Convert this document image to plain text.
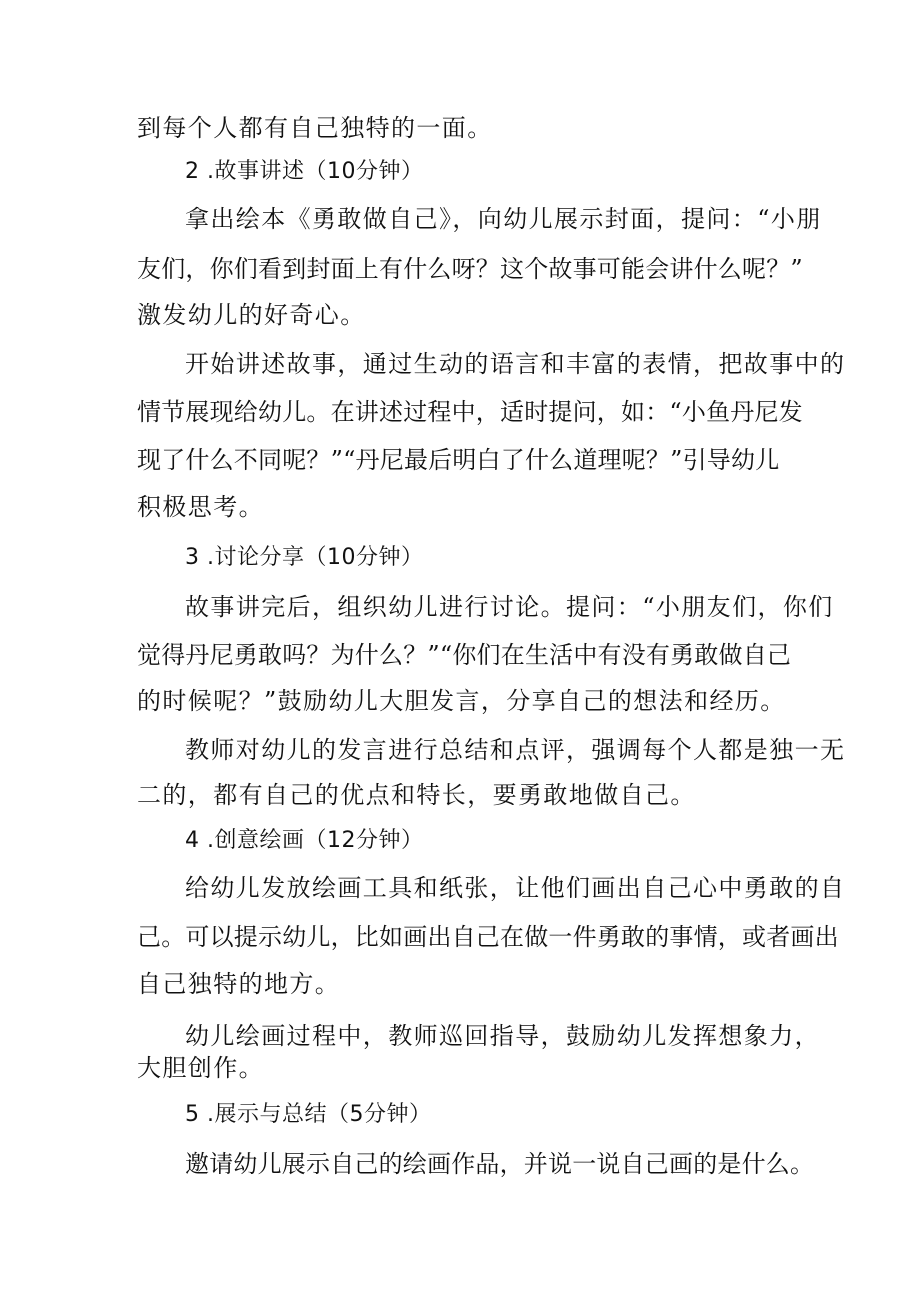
到每个人都有自己独特的一面。
2 .故事讲述（10分钟）
拿出绘本《勇敢做自己》，向幼儿展示封面，提问：“小朋
友们，你们看到封面上有什么呀？这个故事可能会讲什么呢？”
激发幼儿的好奇心。
开始讲述故事，通过生动的语言和丰富的表情，把故事中的
情节展现给幼儿。在讲述过程中，适时提问，如：“小鱼丹尼发
现了什么不同呢？”“丹尼最后明白了什么道理呢？”引导幼儿
积极思考。
3 .讨论分享（10分钟）
故事讲完后，组织幼儿进行讨论。提问：“小朋友们，你们
觉得丹尼勇敢吗？为什么？”“你们在生活中有没有勇敢做自己
的时候呢？”鼓励幼儿大胆发言，分享自己的想法和经历。
教师对幼儿的发言进行总结和点评，强调每个人都是独一无
二的，都有自己的优点和特长，要勇敢地做自己。
4 .创意绘画（12分钟）
给幼儿发放绘画工具和纸张，让他们画出自己心中勇敢的自
己。可以提示幼儿，比如画出自己在做一件勇敢的事情，或者画出
自己独特的地方。
幼儿绘画过程中，教师巡回指导，鼓励幼儿发挥想象力，
大胆创作。
5 .展示与总结（5分钟）
邀请幼儿展示自己的绘画作品，并说一说自己画的是什么。
